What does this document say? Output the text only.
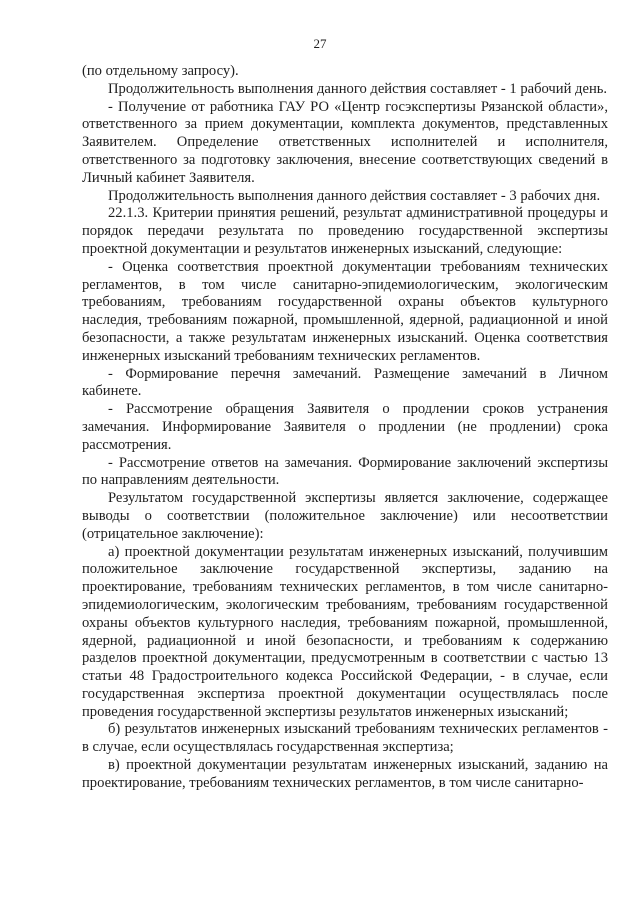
27

(по отдельному запросу).

Продолжительность выполнения данного действия составляет - 1 рабочий день.

- Получение от работника ГАУ РО «Центр госэкспертизы Рязанской области», ответственного за прием документации, комплекта документов, представленных Заявителем. Определение ответственных исполнителей и исполнителя, ответственного за подготовку заключения, внесение соответствующих сведений в Личный кабинет Заявителя.

Продолжительность выполнения данного действия составляет - 3 рабочих дня.

22.1.3. Критерии принятия решений, результат административной процедуры и порядок передачи результата по проведению государственной экспертизы проектной документации и результатов инженерных изысканий, следующие:

- Оценка соответствия проектной документации требованиям технических регламентов, в том числе санитарно-эпидемиологическим, экологическим требованиям, требованиям государственной охраны объектов культурного наследия, требованиям пожарной, промышленной, ядерной, радиационной и иной безопасности, а также результатам инженерных изысканий. Оценка соответствия инженерных изысканий требованиям технических регламентов.

- Формирование перечня замечаний. Размещение замечаний в Личном кабинете.

- Рассмотрение обращения Заявителя о продлении сроков устранения замечания. Информирование Заявителя о продлении (не продлении) срока рассмотрения.

- Рассмотрение ответов на замечания. Формирование заключений экспертизы по направлениям деятельности.

Результатом государственной экспертизы является заключение, содержащее выводы о соответствии (положительное заключение) или несоответствии (отрицательное заключение):

а) проектной документации результатам инженерных изысканий, получившим положительное заключение государственной экспертизы, заданию на проектирование, требованиям технических регламентов, в том числе санитарно-эпидемиологическим, экологическим требованиям, требованиям государственной охраны объектов культурного наследия, требованиям пожарной, промышленной, ядерной, радиационной и иной безопасности, и требованиям к содержанию разделов проектной документации, предусмотренным в соответствии с частью 13 статьи 48 Градостроительного кодекса Российской Федерации, - в случае, если государственная экспертиза проектной документации осуществлялась после проведения государственной экспертизы результатов инженерных изысканий;

б) результатов инженерных изысканий требованиям технических регламентов - в случае, если осуществлялась государственная экспертиза;

в) проектной документации результатам инженерных изысканий, заданию на проектирование, требованиям технических регламентов, в том числе санитарно-
